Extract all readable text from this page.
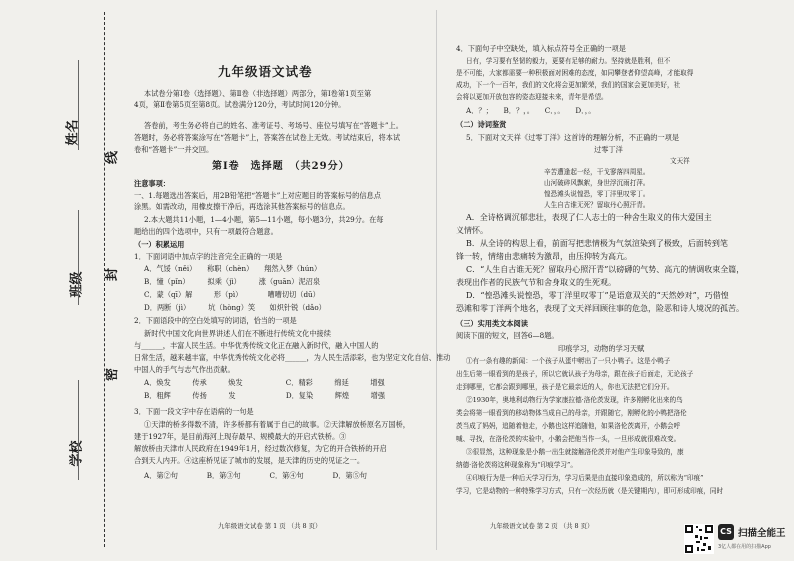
姓名
班级
学校
线
封
密
九年级语文试卷
本试卷分第Ⅰ卷（选择题）、第Ⅱ卷（非选择题）两部分，第Ⅰ卷第1页至第
4页，第Ⅱ卷第5页至第8页。试卷满分120分，考试时间120分钟。
答卷前，考生务必将自己的姓名、准考证号、考场号、座位号填写在“答题卡”上。
答题时，务必将答案涂写在“答题卡”上，答案答在试卷上无效。考试结束后，将本试
卷和“答题卡”一并交回。
第Ⅰ卷　选择题　（共29分）
注意事项：
一、1.每题选出答案后，用2B铅笔把“答题卡”上对应题目的答案标号的信息点
涂黑。如需改动，用橡皮擦干净后，再选涂其他答案标号的信息点。
2.本大题共11小题，1—4小题，第5—11小题，每小题3分，共29分。在每
题给出的四个选项中，只有一项最符合题意。
（一）积累运用
1．下面词语中加点字的注音完全正确的一项是
A．气馁（něi）　　称职（chèn）　　翔然入梦（hún）
B．憧（pǐn）　　　拟乘（jì）　　　涨（guān）泥沼泉
C．蒙（qī）解　　　形（pì）　　　　嘈嘈切切（dū）
D．两断（jì）　　　坑（hòng）笑　　如炽针锐（dǎo）
2．下面语段中的空白处填写的词语，恰当的一项是
新时代中国文化向世界讲述人们在不断进行传统文化中接续
与______，丰富人民生活。中华优秀传统文化正在融入新时代，融入中国人的
日常生活，越来越丰富，中华优秀传统文化必将______，为人民生活添彩，也为坚定文化自信、推动
中国人的手气与志气作出贡献。
A．焕发　　　传承　　　焕发　　　　　　C．精彩　　　绵延　　　增强
B．粗辉　　　传扬　　　发　　　　　　　D．复染　　　辉煌　　　增强
3．下面一段文字中存在语病的一句是
①天津的桥多得数不清，许多桥都有着属于自己的故事。②天津解放桥原名万国桥，
建于1927年，是目前海河上现存最早、规模最大的开启式铁桥。③
解放桥由天津市人民政府在1949年1月，经过数次修复，为它的开合铁桥的开启
合到天人内开。④这座桥见证了城市的发展，是天津的历史的见证之一。
A．第②句　　　　B．第③句　　　　C．第④句　　　　D．第⑤句
九年级语文试卷 第 1 页 （共 8 页）
4．下面句子中空缺处，填入标点符号全正确的一项是
日有，学习要有坚韧的毅力，更要有足够的耐力。坚持就是胜利，但不
是不可能，大家都需要一种积极面对困难的态度，如同攀登者仰望高峰，才能取得
成功，下一个一百年，我们的文化将会更加繁荣，我们的国家会更加美好，社
会将以更加开放包容的姿态迎接未来，青年是希望。
A．？；　　B．？，。　　C．，。　　D．，。
（二）诗词鉴赏
5．下面对文天祥《过零丁洋》这首诗的理解分析，不正确的一项是
过零丁洋
文天祥
辛苦遭逢起一经，干戈寥落四周星。
山河破碎风飘絮，身世浮沉雨打萍。
惶恐滩头说惶恐，零丁洋里叹零丁。
人生自古谁无死？留取丹心照汗青。
A．全诗格调沉郁悲壮，表现了仁人志士的一种舍生取义的伟大爱国主
义情怀。
B．从全诗的构思上看，前面写把悲情极为气氛渲染到了极致，后面转到笔
锋一转，情绪由悲痛转为激昂，由压抑转为高亢。
C．“人生自古谁无死？留取丹心照汗青”以磅礴的气势、高亢的情调收束全篇，
表现出作者的民族气节和舍身取义的生死观。
D．“惶恐滩头说惶恐，零丁洋里叹零丁”是语意双关的“天然妙对”，巧借惶
恐滩和零丁洋两个地名，表现了文天祥回顾往事的危急，险恶和诗人境况的孤苦。
（三）实用类文本阅读
阅读下面的短文，回答6—8题。
印痕学习，动物的学习天赋
①有一条有趣的新闻：一个孩子从蛋中孵出了一只小鸭子。这是小鸭子
出生后第一眼看到的是孩子，所以它就认孩子为母亲，跟在孩子后面走，无论孩子
走到哪里，它都会跟到哪里，孩子是它最亲近的人，你也无法把它们分开。
②1930年，奥地利动物行为学家康拉德·洛伦茨发现，许多刚孵化出来的鸟
类会将第一眼看到的移动物体当成自己的母亲，并跟随它，刚孵化的小鸭把洛伦
茨当成了妈妈，追随着他走，小鹅也这样追随他，如果洛伦茨离开，小鹅会呼
喊、寻找，在洛伦茨的实验中，小鹅会把他当作一头，一旦形成就很难改变。
③很显然，这种现象是小鹅一出生就接触洛伦茨并对他产生印象导致的，康
纳德·洛伦茨将这种现象称为“印痕学习”。
④印痕行为是一种后天学习行为，学习后果是由直接印象造成的，所以称为“印痕”
学习，它是动物的一种特殊学习方式，只有一次经历就（是关键期内），即可形成印痕，同时
九年级语文试卷 第 2 页 （共 8 页）
CS 扫描全能王
3亿人都在用的扫描App
